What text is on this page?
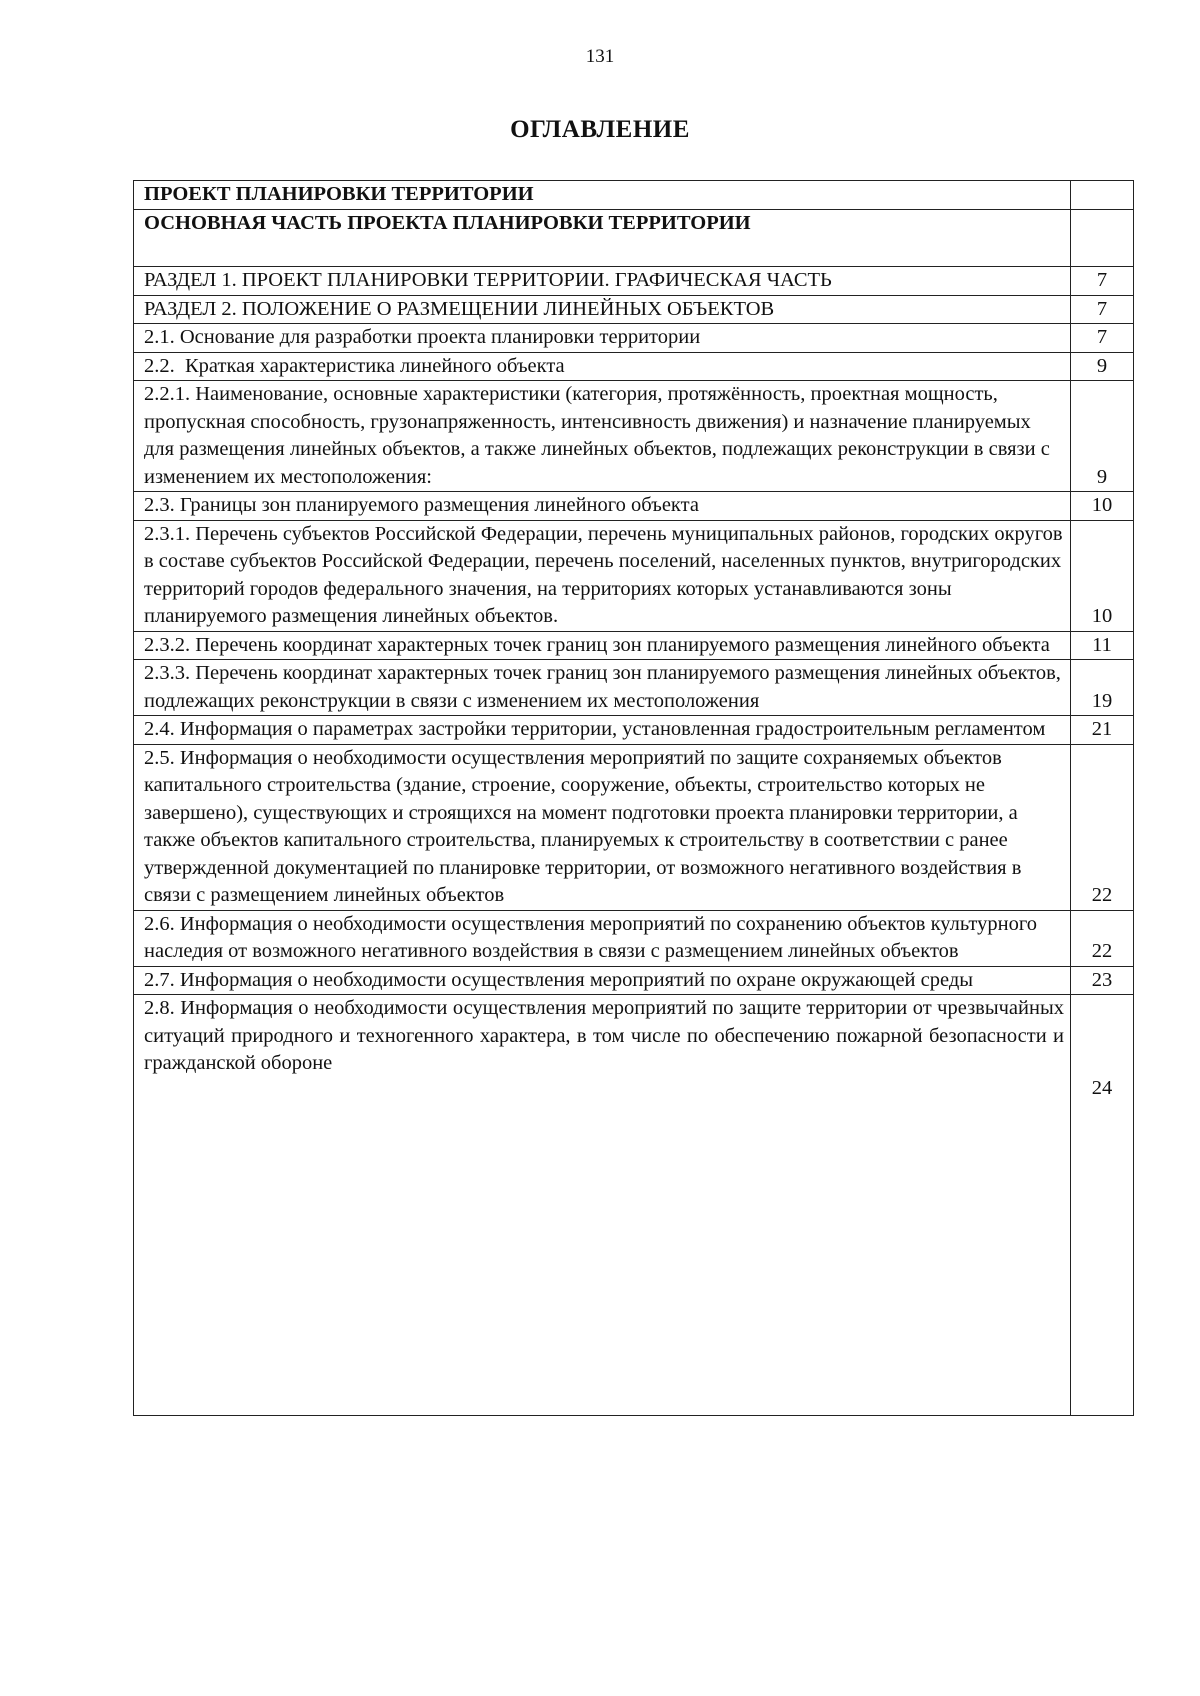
131
ОГЛАВЛЕНИЕ
ПРОЕКТ ПЛАНИРОВКИ ТЕРРИТОРИИ	
ОСНОВНАЯ ЧАСТЬ ПРОЕКТА ПЛАНИРОВКИ ТЕРРИТОРИИ	
РАЗДЕЛ 1. ПРОЕКТ ПЛАНИРОВКИ ТЕРРИТОРИИ. ГРАФИЧЕСКАЯ ЧАСТЬ	7
РАЗДЕЛ 2. ПОЛОЖЕНИЕ О РАЗМЕЩЕНИИ ЛИНЕЙНЫХ ОБЪЕКТОВ	7
2.1. Основание для разработки проекта планировки территории	7
2.2.  Краткая характеристика линейного объекта	9
2.2.1. Наименование, основные характеристики (категория, протяжённость, проектная мощность, пропускная способность, грузонапряженность, интенсивность движения) и назначение планируемых для размещения линейных объектов, а также линейных объектов, подлежащих реконструкции в связи с изменением их местоположения:	9
2.3. Границы зон планируемого размещения линейного объекта	10
2.3.1. Перечень субъектов Российской Федерации, перечень муниципальных районов, городских округов в составе субъектов Российской Федерации, перечень поселений, населенных пунктов, внутригородских территорий городов федерального значения, на территориях которых устанавливаются зоны планируемого размещения линейных объектов.	10
2.3.2. Перечень координат характерных точек границ зон планируемого размещения линейного объекта	11
2.3.3. Перечень координат характерных точек границ зон планируемого размещения линейных объектов, подлежащих реконструкции в связи с изменением их местоположения	19
2.4. Информация о параметрах застройки территории, установленная градостроительным регламентом	21
2.5. Информация о необходимости осуществления мероприятий по защите сохраняемых объектов капитального строительства (здание, строение, сооружение, объекты, строительство которых не завершено), существующих и строящихся на момент подготовки проекта планировки территории, а также объектов капитального строительства, планируемых к строительству в соответствии с ранее утвержденной документацией по планировке территории, от возможного негативного воздействия в связи с размещением линейных объектов	22
2.6. Информация о необходимости осуществления мероприятий по сохранению объектов культурного наследия от возможного негативного воздействия в связи с размещением линейных объектов	22
2.7. Информация о необходимости осуществления мероприятий по охране окружающей среды	23
2.8. Информация о необходимости осуществления мероприятий по защите территории от чрезвычайных ситуаций природного и техногенного характера, в том числе по обеспечению пожарной безопасности и гражданской обороне	24
